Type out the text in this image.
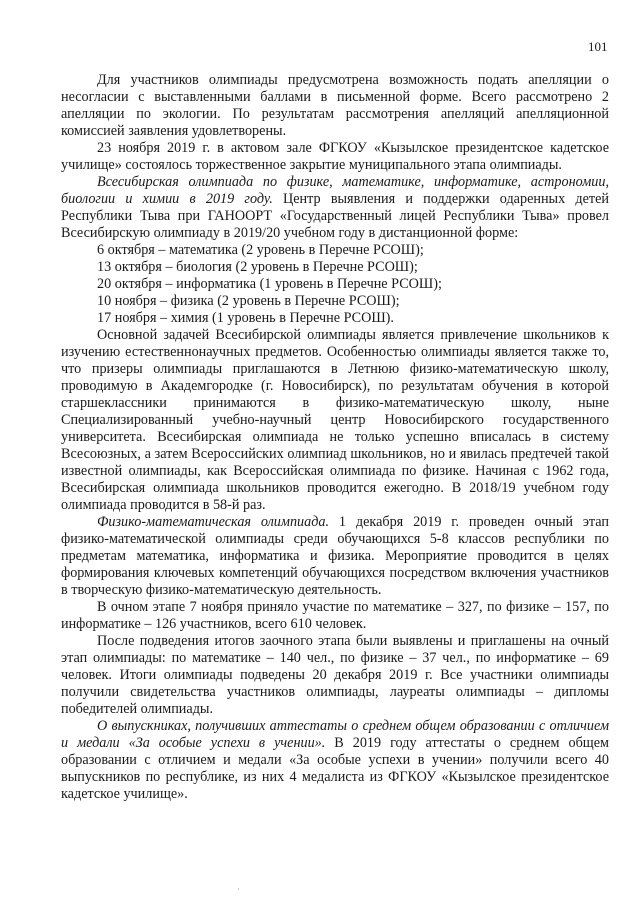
101

Для участников олимпиады предусмотрена возможность подать апелляции о несогласии с выставленными баллами в письменной форме. Всего рассмотрено 2 апелляции по экологии. По результатам рассмотрения апелляций апелляционной комиссией заявления удовлетворены.

23 ноября 2019 г. в актовом зале ФГКОУ «Кызылское президентское кадетское училище» состоялось торжественное закрытие муниципального этапа олимпиады.

Всесибирская олимпиада по физике, математике, информатике, астрономии, биологии и химии в 2019 году. Центр выявления и поддержки одаренных детей Республики Тыва при ГАНООРТ «Государственный лицей Республики Тыва» провел Всесибирскую олимпиаду в 2019/20 учебном году в дистанционной форме:

6 октября – математика (2 уровень в Перечне РСОШ);

13 октября – биология (2 уровень в Перечне РСОШ);

20 октября – информатика (1 уровень в Перечне РСОШ);

10 ноября – физика (2 уровень в Перечне РСОШ);

17 ноября – химия (1 уровень в Перечне РСОШ).

Основной задачей Всесибирской олимпиады является привлечение школьников к изучению естественнонаучных предметов. Особенностью олимпиады является также то, что призеры олимпиады приглашаются в Летнюю физико-математическую школу, проводимую в Академгородке (г. Новосибирск), по результатам обучения в которой старшеклассники принимаются в физико-математическую школу, ныне Специализированный учебно-научный центр Новосибирского государственного университета. Всесибирская олимпиада не только успешно вписалась в систему Всесоюзных, а затем Всероссийских олимпиад школьников, но и явилась предтечей такой известной олимпиады, как Всероссийская олимпиада по физике. Начиная с 1962 года, Всесибирская олимпиада школьников проводится ежегодно. В 2018/19 учебном году олимпиада проводится в 58-й раз.

Физико-математическая олимпиада. 1 декабря 2019 г. проведен очный этап физико-математической олимпиады среди обучающихся 5-8 классов республики по предметам математика, информатика и физика. Мероприятие проводится в целях формирования ключевых компетенций обучающихся посредством включения участников в творческую физико-математическую деятельность.

В очном этапе 7 ноября приняло участие по математике – 327, по физике – 157, по информатике – 126 участников, всего 610 человек.

После подведения итогов заочного этапа были выявлены и приглашены на очный этап олимпиады: по математике – 140 чел., по физике – 37 чел., по информатике – 69 человек. Итоги олимпиады подведены 20 декабря 2019 г. Все участники олимпиады получили свидетельства участников олимпиады, лауреаты олимпиады – дипломы победителей олимпиады.

О выпускниках, получивших аттестаты о среднем общем образовании с отличием и медали «За особые успехи в учении». В 2019 году аттестаты о среднем общем образовании с отличием и медали «За особые успехи в учении» получили всего 40 выпускников по республике, из них 4 медалиста из ФГКОУ «Кызылское президентское кадетское училище».

·
